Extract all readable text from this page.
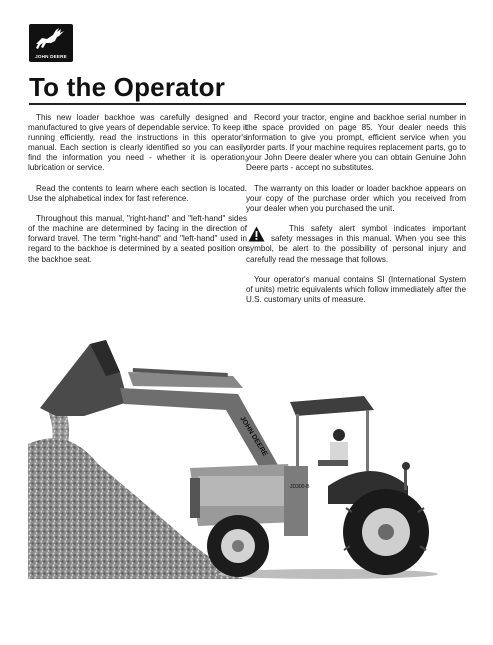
JOHN DEERE
To the Operator

This new loader backhoe was carefully designed and manufactured to give years of dependable service. To keep it running efficiently, read the instructions in this operator's manual. Each section is clearly identified so you can easily find the information you need - whether it is operation, lubrication or service.

Read the contents to learn where each section is located. Use the alphabetical index for fast reference.

Throughout this manual, "right-hand" and "left-hand" sides of the machine are determined by facing in the direction of forward travel. The term "right-hand" and "left-hand" used in regard to the backhoe is determined by a seated position on the backhoe seat.

Record your tractor, engine and backhoe serial number in the space provided on page 85. Your dealer needs this information to give you prompt, efficient service when you order parts. If your machine requires replacement parts, go to your John Deere dealer where you can obtain Genuine John Deere parts - accept no substitutes.

The warranty on this loader or loader backhoe appears on your copy of the purchase order which you received from your dealer when you purchased the unit.

This safety alert symbol indicates important safety messages in this manual. When you see this symbol, be alert to the possibility of personal injury and carefully read the message that follows.

Your operator's manual contains SI (International System of units) metric equivalents which follow immediately after the U.S. customary units of measure.

JOHN DEERE
JD300-B
